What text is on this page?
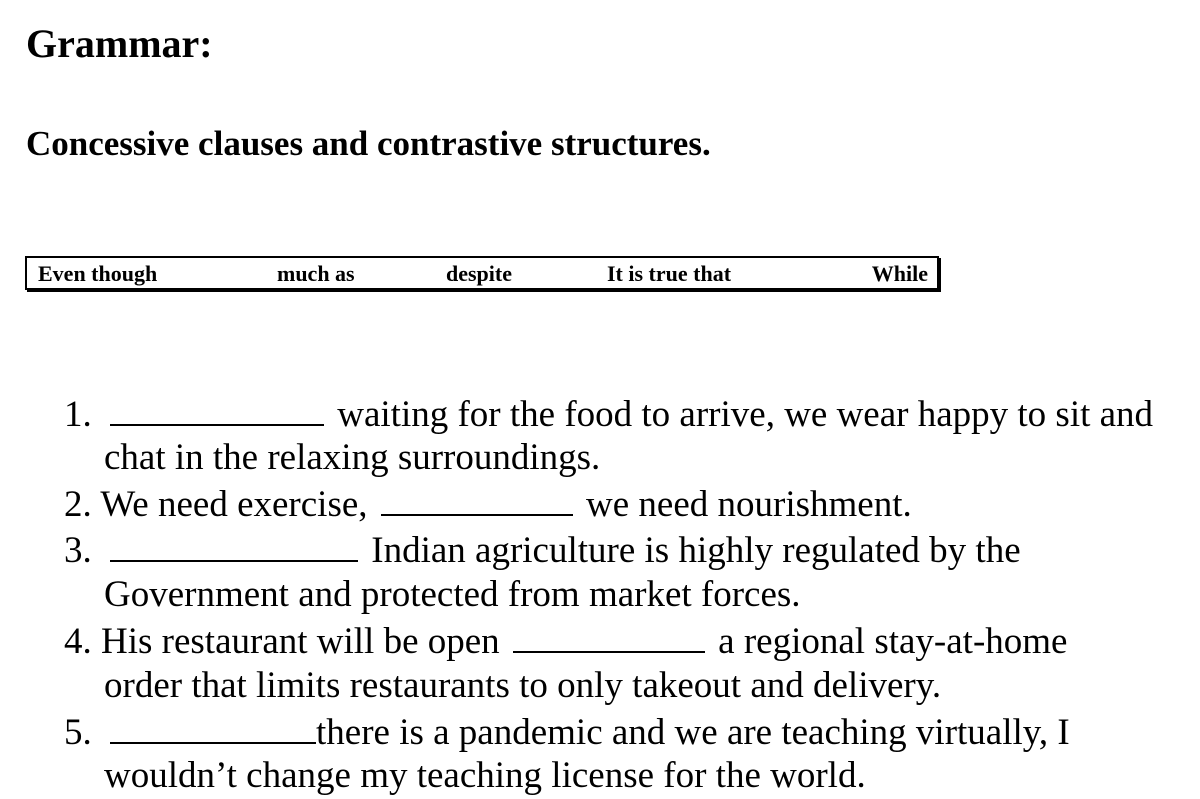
Grammar:
Concessive clauses and contrastive structures.
Even though	much as	despite	It is true that	While
1.	waiting for the food to arrive, we wear happy to sit and
chat in the relaxing surroundings.
2. We need exercise,	we need nourishment.
3.	Indian agriculture is highly regulated by the
Government and protected from market forces.
4. His restaurant will be open	a regional stay-at-home
order that limits restaurants to only takeout and delivery.
5.	there is a pandemic and we are teaching virtually, I
wouldn’t change my teaching license for the world.
